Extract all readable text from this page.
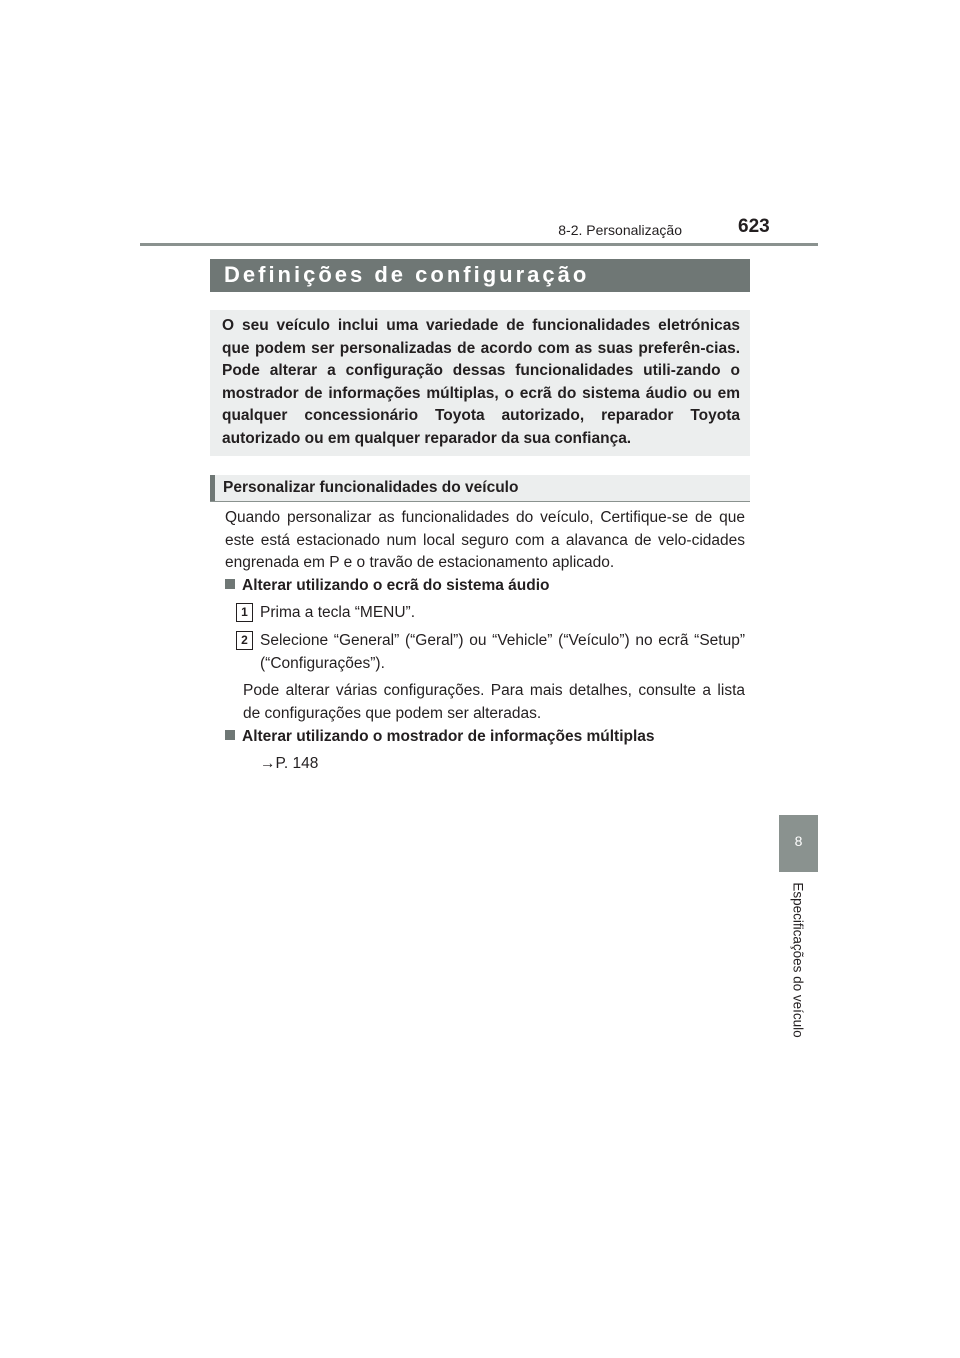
8-2. Personalização	623
8
Especificações do veículo
Definições de configuração
O seu veículo inclui uma variedade de funcionalidades eletrónicas que podem ser personalizadas de acordo com as suas preferên-cias. Pode alterar a configuração dessas funcionalidades utili-zando o mostrador de informações múltiplas, o ecrã do sistema áudio ou em qualquer concessionário Toyota autorizado, reparador Toyota autorizado ou em qualquer reparador da sua confiança.
Personalizar funcionalidades do veículo
Quando personalizar as funcionalidades do veículo, Certifique-se de que este está estacionado num local seguro com a alavanca de velo-cidades engrenada em P e o travão de estacionamento aplicado.
Alterar utilizando o ecrã do sistema áudio
1 Prima a tecla “MENU”.
2 Selecione “General” (“Geral”) ou “Vehicle” (“Veículo”) no ecrã “Setup” (“Configurações”).
Pode alterar várias configurações. Para mais detalhes, consulte a lista de configurações que podem ser alteradas.
Alterar utilizando o mostrador de informações múltiplas
→P. 148
